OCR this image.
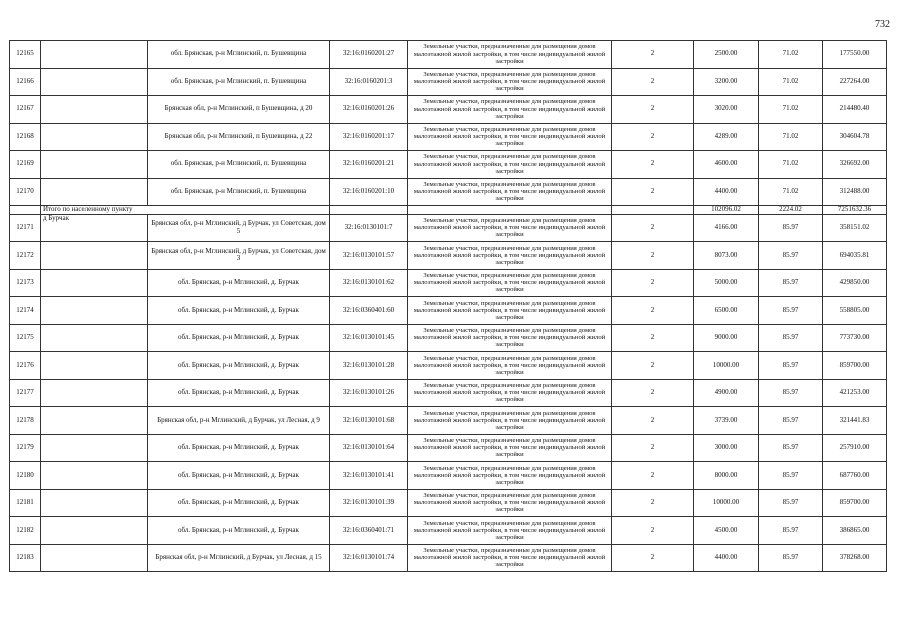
732
12165		обл. Брянская, р-н Мглинский, п. Бушевщина	32:16:0160201:27	Земельные участки, предназначенные для размещения домов малоэтажной жилой застройки, в том числе индивидуальной жилой застройки	2	2500.00	71.02	177550.00
12166		обл. Брянская, р-н Мглинский, п. Бушевщина	32:16:0160201:3	Земельные участки, предназначенные для размещения домов малоэтажной жилой застройки, в том числе индивидуальной жилой застройки	2	3200.00	71.02	227264.00
12167		Брянская обл, р-н Мглинский, п Бушевщина, д 20	32:16:0160201:26	Земельные участки, предназначенные для размещения домов малоэтажной жилой застройки, в том числе индивидуальной жилой застройки	2	3020.00	71.02	214480.40
12168		Брянская обл, р-н Мглинский, п Бушевщина, д 22	32:16:0160201:17	Земельные участки, предназначенные для размещения домов малоэтажной жилой застройки, в том числе индивидуальной жилой застройки	2	4289.00	71.02	304604.78
12169		обл. Брянская, р-н Мглинский, п. Бушевщина	32:16:0160201:21	Земельные участки, предназначенные для размещения домов малоэтажной жилой застройки, в том числе индивидуальной жилой застройки	2	4600.00	71.02	326692.00
12170		обл. Брянская, р-н Мглинский, п. Бушевщина	32:16:0160201:10	Земельные участки, предназначенные для размещения домов малоэтажной жилой застройки, в том числе индивидуальной жилой застройки	2	4400.00	71.02	312488.00
	Итого по населенному пункту					102096.02	2224.02	7251632.36
12171	д Бурчак	Брянская обл, р-н Мглинский, д Бурчак, ул Советская, дом 5	32:16:0130101:7	Земельные участки, предназначенные для размещения домов малоэтажной жилой застройки, в том числе индивидуальной жилой застройки	2	4166.00	85.97	358151.02
12172		Брянская обл, р-н Мглинский, д Бурчак, ул Советская, дом 3	32:16:0130101:57	Земельные участки, предназначенные для размещения домов малоэтажной жилой застройки, в том числе индивидуальной жилой застройки	2	8073.00	85.97	694035.81
12173		обл. Брянская, р-н Мглинский, д. Бурчак	32:16:0130101:62	Земельные участки, предназначенные для размещения домов малоэтажной жилой застройки, в том числе индивидуальной жилой застройки	2	5000.00	85.97	429850.00
12174		обл. Брянская, р-н Мглинский, д. Бурчак	32:16:0360401:60	Земельные участки, предназначенные для размещения домов малоэтажной жилой застройки, в том числе индивидуальной жилой застройки	2	6500.00	85.97	558805.00
12175		обл. Брянская, р-н Мглинский, д. Бурчак	32:16:0130101:45	Земельные участки, предназначенные для размещения домов малоэтажной жилой застройки, в том числе индивидуальной жилой застройки	2	9000.00	85.97	773730.00
12176		обл. Брянская, р-н Мглинский, д. Бурчак	32:16:0130101:28	Земельные участки, предназначенные для размещения домов малоэтажной жилой застройки, в том числе индивидуальной жилой застройки	2	10000.00	85.97	859700.00
12177		обл. Брянская, р-н Мглинский, д. Бурчак	32:16:0130101:26	Земельные участки, предназначенные для размещения домов малоэтажной жилой застройки, в том числе индивидуальной жилой застройки	2	4900.00	85.97	421253.00
12178		Брянская обл, р-н Мглинский, д Бурчак, ул Лесная, д 9	32:16:0130101:68	Земельные участки, предназначенные для размещения домов малоэтажной жилой застройки, в том числе индивидуальной жилой застройки	2	3739.00	85.97	321441.83
12179		обл. Брянская, р-н Мглинский, д. Бурчак	32:16:0130101:64	Земельные участки, предназначенные для размещения домов малоэтажной жилой застройки, в том числе индивидуальной жилой застройки	2	3000.00	85.97	257910.00
12180		обл. Брянская, р-н Мглинский, д. Бурчак	32:16:0130101:41	Земельные участки, предназначенные для размещения домов малоэтажной жилой застройки, в том числе индивидуальной жилой застройки	2	8000.00	85.97	687760.00
12181		обл. Брянская, р-н Мглинский, д. Бурчак	32:16:0130101:39	Земельные участки, предназначенные для размещения домов малоэтажной жилой застройки, в том числе индивидуальной жилой застройки	2	10000.00	85.97	859700.00
12182		обл. Брянская, р-н Мглинский, д. Бурчак	32:16:0360401:71	Земельные участки, предназначенные для размещения домов малоэтажной жилой застройки, в том числе индивидуальной жилой застройки	2	4500.00	85.97	386865.00
12183		Брянская обл, р-н Мглинский, д Бурчак, ул Лесная, д 15	32:16:0130101:74	Земельные участки, предназначенные для размещения домов малоэтажной жилой застройки, в том числе индивидуальной жилой застройки	2	4400.00	85.97	378268.00
